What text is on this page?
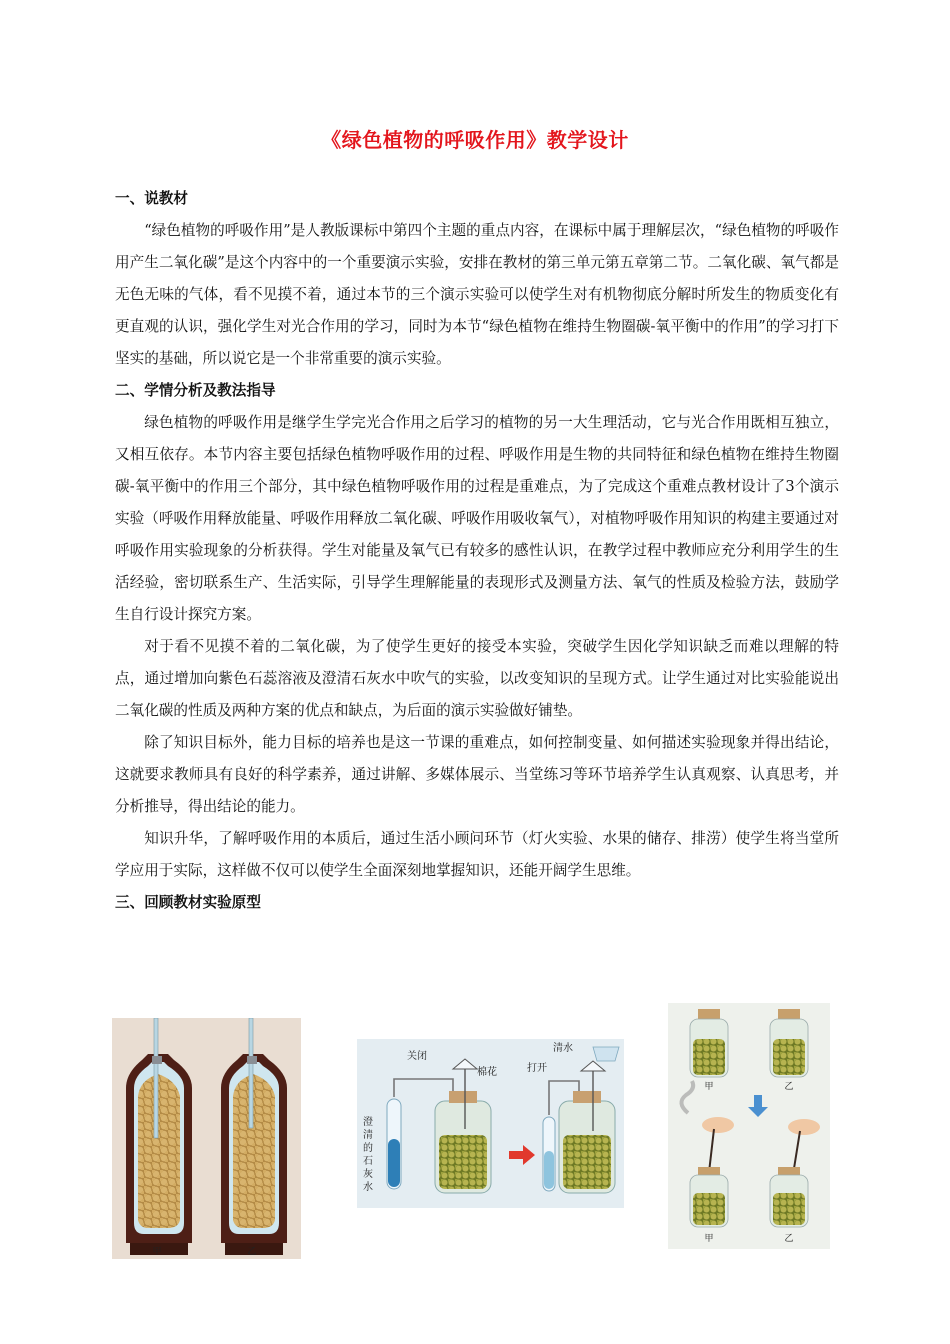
《绿色植物的呼吸作用》教学设计

一、说教材

“绿色植物的呼吸作用”是人教版课标中第四个主题的重点内容，在课标中属于理解层次，“绿色植物的呼吸作用产生二氧化碳”是这个内容中的一个重要演示实验，安排在教材的第三单元第五章第二节。二氧化碳、氧气都是无色无味的气体，看不见摸不着，通过本节的三个演示实验可以使学生对有机物彻底分解时所发生的物质变化有更直观的认识，强化学生对光合作用的学习，同时为本节“绿色植物在维持生物圈碳-氧平衡中的作用”的学习打下坚实的基础，所以说它是一个非常重要的演示实验。

二、学情分析及教法指导

绿色植物的呼吸作用是继学生学完光合作用之后学习的植物的另一大生理活动，它与光合作用既相互独立，又相互依存。本节内容主要包括绿色植物呼吸作用的过程、呼吸作用是生物的共同特征和绿色植物在维持生物圈碳-氧平衡中的作用三个部分，其中绿色植物呼吸作用的过程是重难点，为了完成这个重难点教材设计了3个演示实验（呼吸作用释放能量、呼吸作用释放二氧化碳、呼吸作用吸收氧气），对植物呼吸作用知识的构建主要通过对呼吸作用实验现象的分析获得。学生对能量及氧气已有较多的感性认识，在教学过程中教师应充分利用学生的生活经验，密切联系生产、生活实际，引导学生理解能量的表现形式及测量方法、氧气的性质及检验方法，鼓励学生自行设计探究方案。

对于看不见摸不着的二氧化碳，为了使学生更好的接受本实验，突破学生因化学知识缺乏而难以理解的特点，通过增加向紫色石蕊溶液及澄清石灰水中吹气的实验，以改变知识的呈现方式。让学生通过对比实验能说出二氧化碳的性质及两种方案的优点和缺点，为后面的演示实验做好铺垫。

除了知识目标外，能力目标的培养也是这一节课的重难点，如何控制变量、如何描述实验现象并得出结论，这就要求教师具有良好的科学素养，通过讲解、多媒体展示、当堂练习等环节培养学生认真观察、认真思考，并分析推导，得出结论的能力。

知识升华，了解呼吸作用的本质后，通过生活小顾问环节（灯火实验、水果的储存、排涝）使学生将当堂所学应用于实际，这样做不仅可以使学生全面深刻地掌握知识，还能开阔学生思维。

三、回顾教材实验原型

甲	乙
关闭
棉花	打开
清水
澄
清
的
石
灰
水
甲	乙
甲	乙
